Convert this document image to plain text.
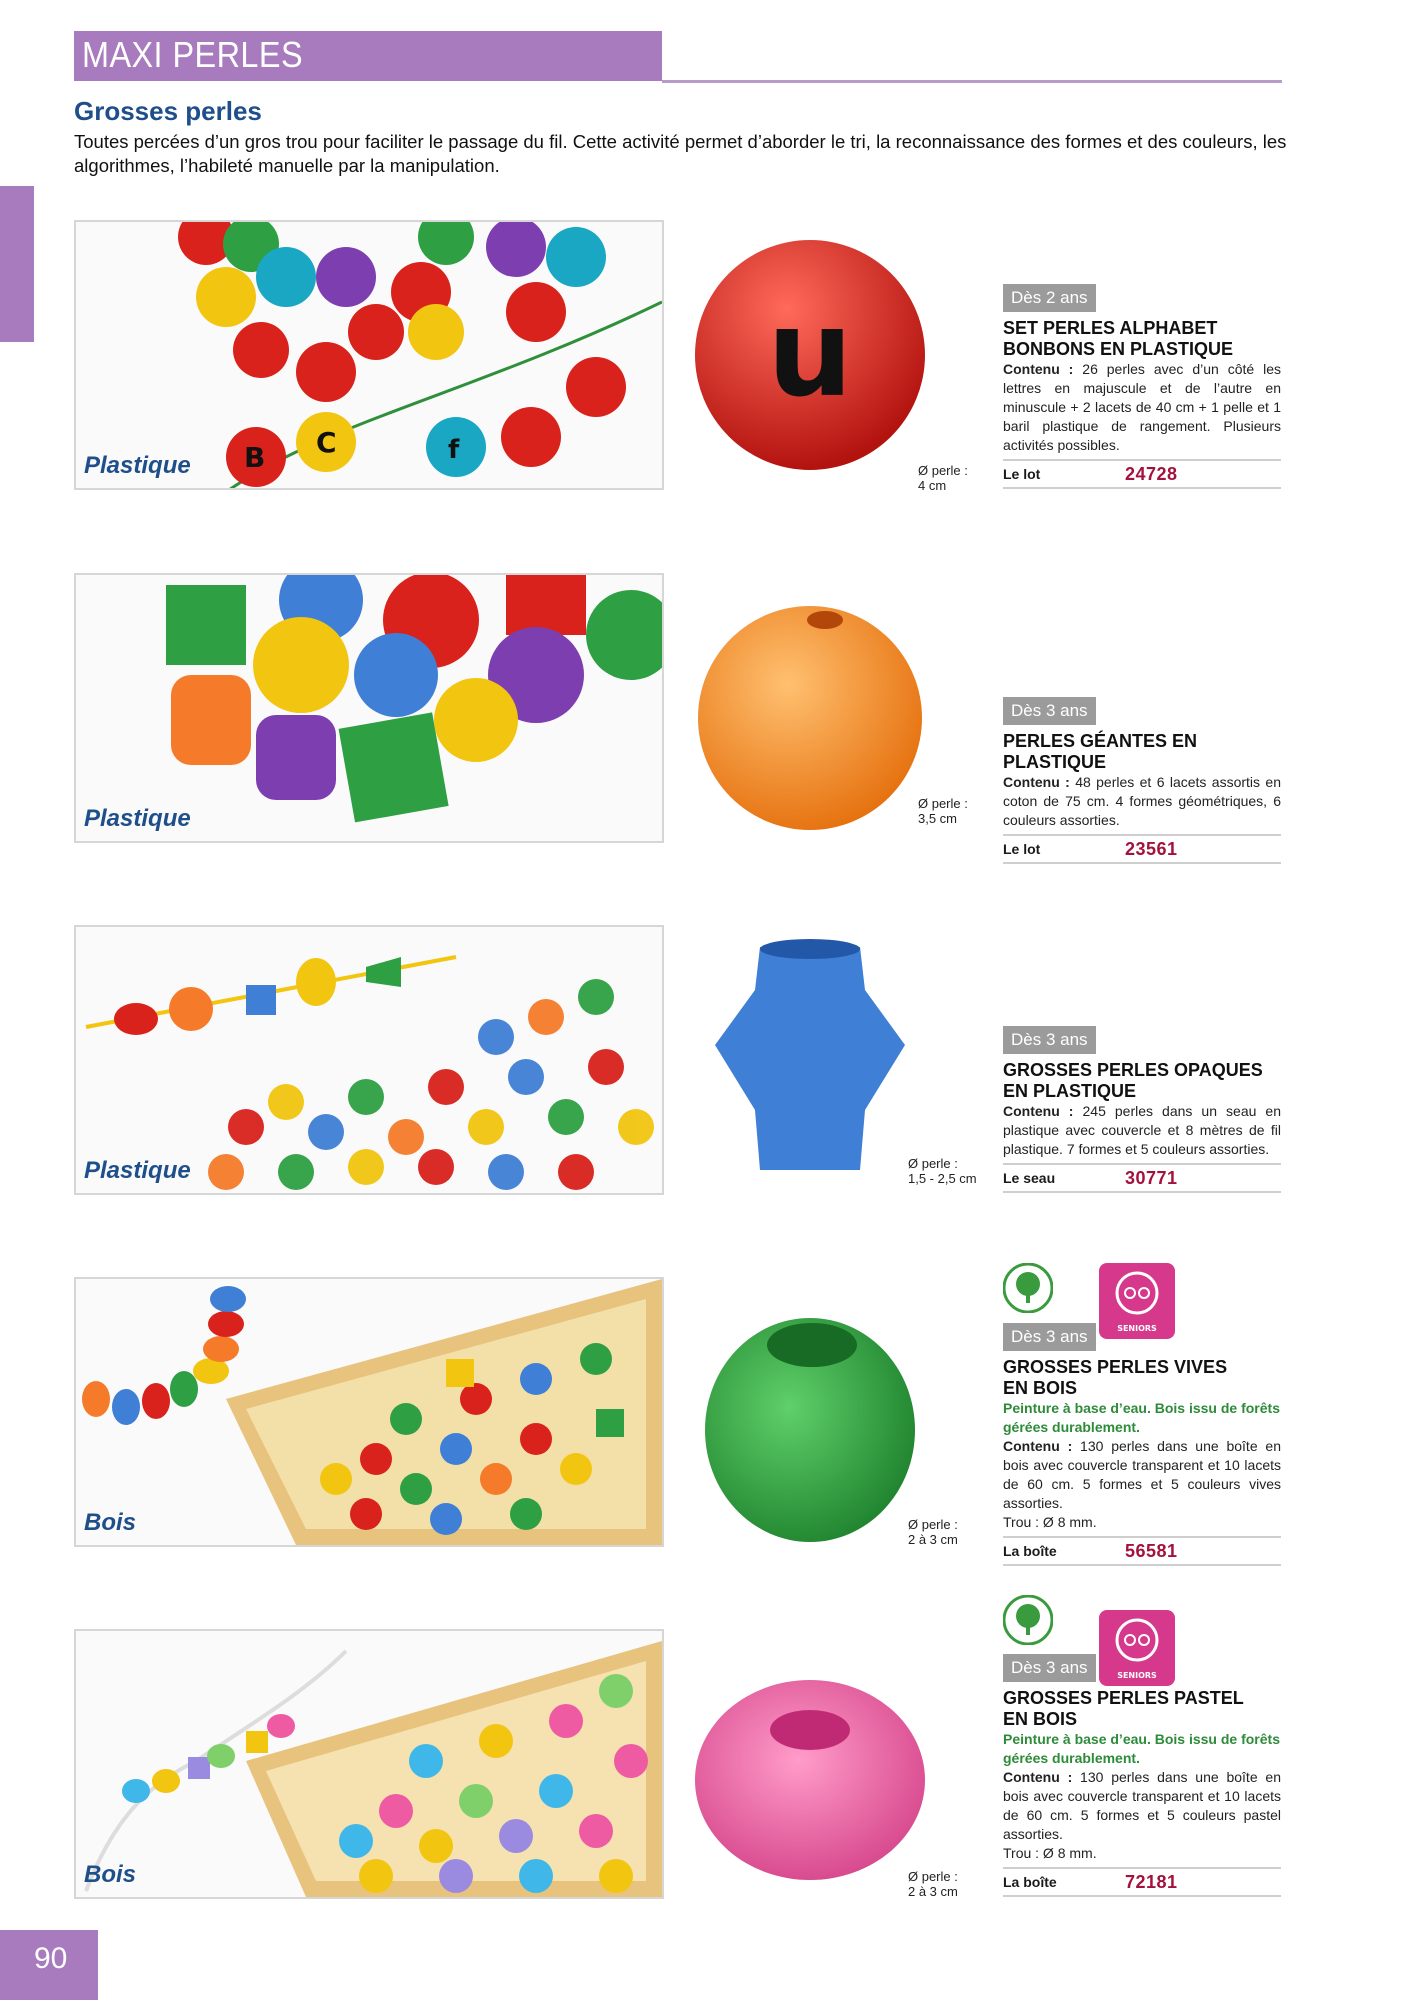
MAXI PERLES
Grosses perles
Toutes percées d’un gros trou pour faciliter le passage du fil. Cette activité permet d’aborder le tri, la reconnaissance des formes et des couleurs, les algorithmes, l’habileté manuelle par la manipulation.
B C	f
Plastique
u
Ø perle :
4 cm
Dès 2 ans
SET PERLES ALPHABET
BONBONS EN PLASTIQUE
Contenu : 26 perles avec d’un côté les lettres en majuscule et de l’autre en minuscule + 2 lacets de 40 cm + 1 pelle et 1 baril plastique de rangement. Plusieurs activités possibles.
Le lot	24728
Plastique
Ø perle :
3,5 cm
Dès 3 ans
PERLES GÉANTES EN PLASTIQUE
Contenu : 48 perles et 6 lacets assortis en coton de 75 cm. 4 formes géométriques, 6 couleurs assorties.
Le lot	23561
Plastique	Ø perle :
1,5 - 2,5 cm
Dès 3 ans
GROSSES PERLES OPAQUES
EN PLASTIQUE
Contenu : 245 perles dans un seau en plastique avec couvercle et 8 mètres de fil plastique. 7 formes et 5 couleurs assorties.
Le seau	30771
Bois	Ø perle :
2 à 3 cm
SENIORS
Dès 3 ans
GROSSES PERLES VIVES
EN BOIS
Peinture à base d’eau. Bois issu de forêts gérées durablement.
Contenu : 130 perles dans une boîte en bois avec couvercle transparent et 10 lacets de 60 cm. 5 formes et 5 couleurs vives assorties.
Trou : Ø 8 mm.
La boîte	56581
Bois	Ø perle :
2 à 3 cm
SENIORS
Dès 3 ans
GROSSES PERLES PASTEL
EN BOIS
Peinture à base d’eau. Bois issu de forêts gérées durablement.
Contenu : 130 perles dans une boîte en bois avec couvercle transparent et 10 lacets de 60 cm. 5 formes et 5 couleurs pastel assorties.
Trou : Ø 8 mm.
La boîte	72181
90
